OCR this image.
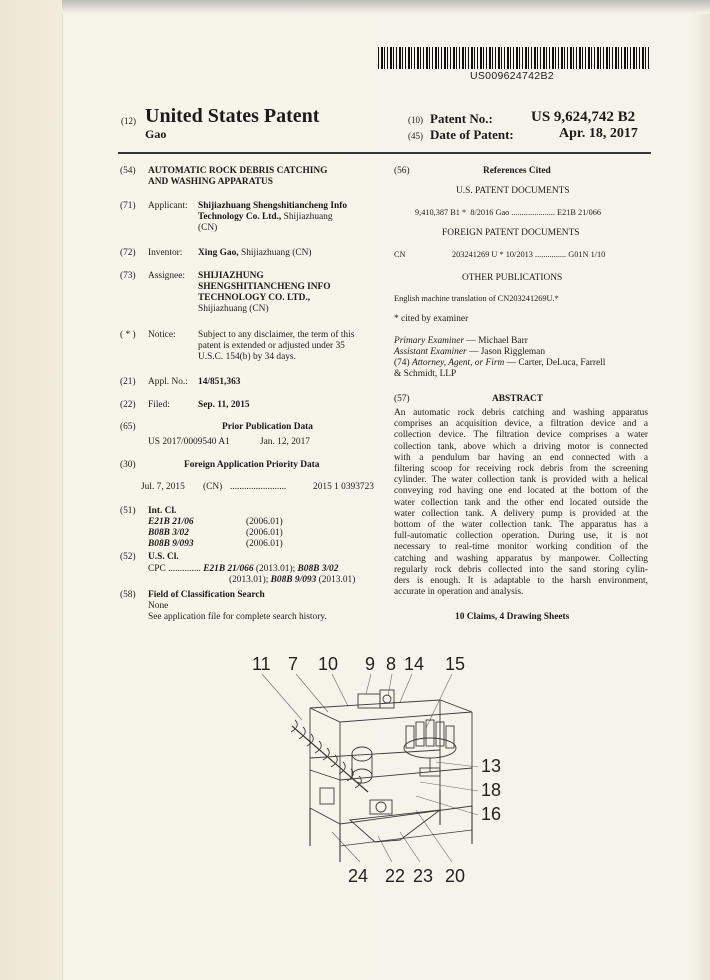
US009624742B2
(12) United States Patent
Gao
(10) Patent No.:	US 9,624,742 B2
(45) Date of Patent:	Apr. 18, 2017
(54) AUTOMATIC ROCK DEBRIS CATCHING
AND WASHING APPARATUS
(71) Applicant: Shijiazhuang Shengshitiancheng Info
Technology Co. Ltd., Shijiazhuang
(CN)
(72) Inventor: Xing Gao, Shijiazhuang (CN)
(73) Assignee: SHIJIAZHUNG
SHENGSHITIANCHENG INFO
TECHNOLOGY CO. LTD.,
Shijiazhuang (CN)
( * ) Notice: Subject to any disclaimer, the term of this
patent is extended or adjusted under 35
U.S.C. 154(b) by 34 days.
(21) Appl. No.: 14/851,363
(22) Filed:	Sep. 11, 2015
(65)	Prior Publication Data
US 2017/0009540 A1	Jan. 12, 2017
(30)	Foreign Application Priority Data
Jul. 7, 2015 (CN) ........................	2015 1 0393723
(51) Int. Cl.
E21B 21/06	(2006.01)
B08B 3/02	(2006.01)
B08B 9/093	(2006.01)
(52) U.S. Cl.
CPC .............. E21B 21/066 (2013.01); B08B 3/02
(2013.01); B08B 9/093 (2013.01)
(58) Field of Classification Search
None
See application file for complete search history.
(56)	References Cited
U.S. PATENT DOCUMENTS
9,410,387 B1 * 8/2016 Gao ..................... E21B 21/066
FOREIGN PATENT DOCUMENTS
CN	203241269 U * 10/2013 ............... G01N 1/10
OTHER PUBLICATIONS
English machine translation of CN203241269U.*
* cited by examiner
Primary Examiner — Michael Barr
Assistant Examiner — Jason Riggleman
(74) Attorney, Agent, or Firm — Carter, DeLuca, Farrell
& Schmidt, LLP
(57)	ABSTRACT
An automatic rock debris catching and washing apparatus
comprises an acquisition device, a filtration device and a
collection device. The filtration device comprises a water
collection tank, above which a driving motor is connected
with a pendulum bar having an end connected with a
filtering scoop for receiving rock debris from the screening
cylinder. The water collection tank is provided with a helical
conveying rod having one end located at the bottom of the
water collection tank and the other end located outside the
water collection tank. A delivery pump is provided at the
bottom of the water collection tank. The apparatus has a
full-automatic collection operation. During use, it is not
necessary to real-time monitor working condition of the
catching and washing apparatus by manpower. Collecting
regularly rock debris collected into the sand storing cylin-
ders is enough. It is adaptable to the harsh environment,
accurate in operation and analysis.
10 Claims, 4 Drawing Sheets
11 7 10 9 8 14 15
13
18
16
24 22 23 20
